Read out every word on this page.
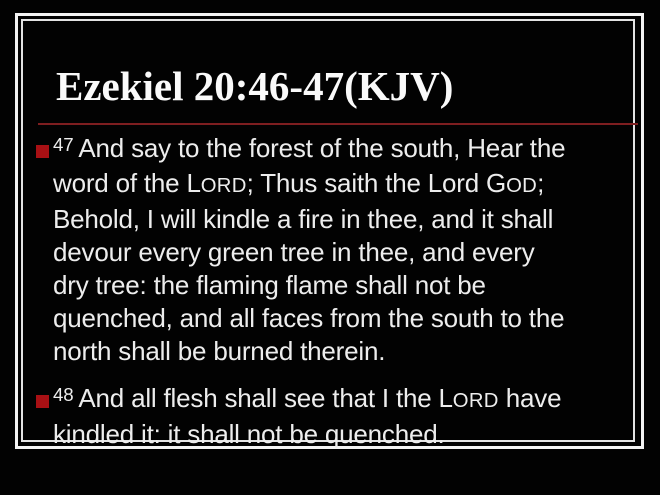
Ezekiel 20:46-47(KJV)
$^{47}$ And say to the forest of the south, Hear the
word of the LORD; Thus saith the Lord GOD;
Behold, I will kindle a fire in thee, and it shall
devour every green tree in thee, and every
dry tree: the flaming flame shall not be
quenched, and all faces from the south to the
north shall be burned therein.
$^{48}$ And all flesh shall see that I the LORD have
kindled it: it shall not be quenched.
